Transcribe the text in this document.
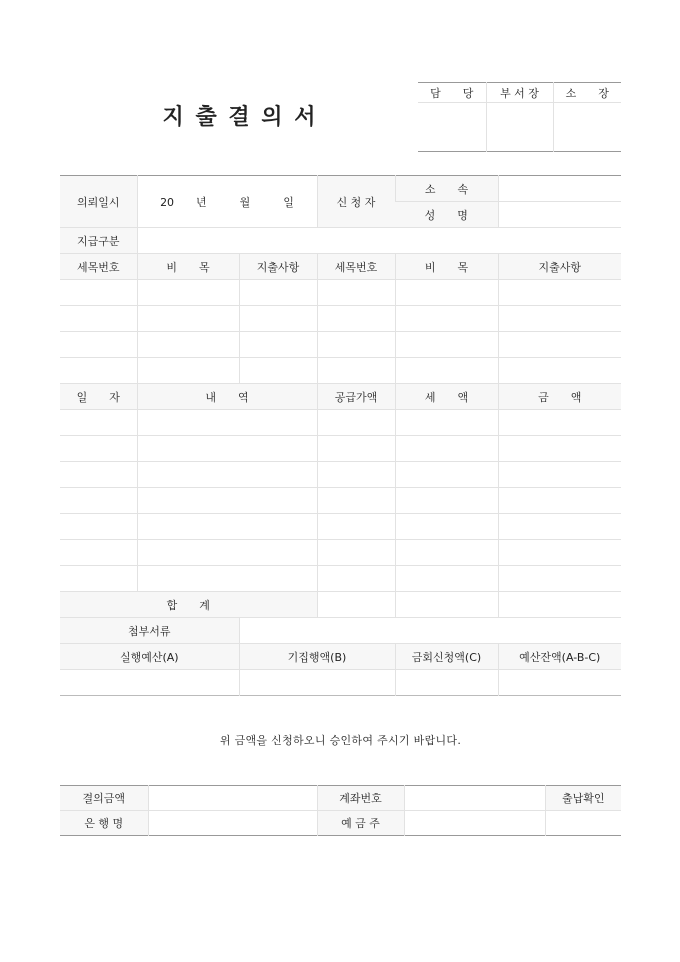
지 출 결 의 서
담　　당	부 서 장	소　　장

의뢰일시	20　　년　　　월　　　일		신 청 자	소　　속	
				성　　명	
지급구분					
세목번호	비　　목	지출사항	세목번호	비　　목	지출사항

일　　자	내　　역		공급가액	세　　액	금　　액

합　　계					
첨부서류					
실행예산(A)		기집행액(B)		금회신청액(C)	예산잔액(A-B-C)

위 금액을 신청하오니 승인하여 주시기 바랍니다.
결의금액		계좌번호		출납확인
은 행 명		예 금 주		
